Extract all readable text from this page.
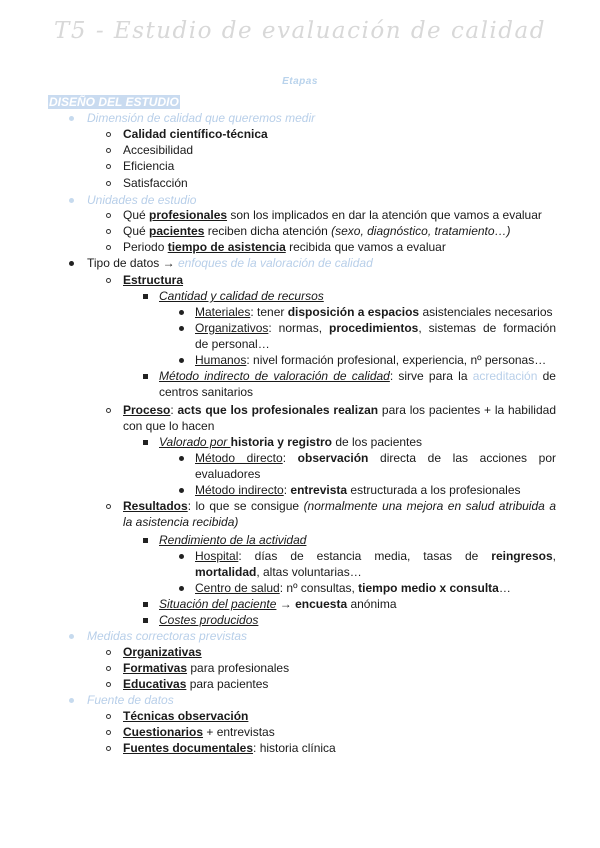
T5 - Estudio de evaluación de calidad
Etapas
DISEÑO DEL ESTUDIO
Dimensión de calidad que queremos medir
Calidad científico-técnica
Accesibilidad
Eficiencia
Satisfacción
Unidades de estudio
Qué profesionales son los implicados en dar la atención que vamos a evaluar
Qué pacientes reciben dicha atención (sexo, diagnóstico, tratamiento…)
Periodo tiempo de asistencia recibida que vamos a evaluar
Tipo de datos → enfoques de la valoración de calidad
Estructura
Cantidad y calidad de recursos
Materiales: tener disposición a espacios asistenciales necesarios
Organizativos: normas, procedimientos, sistemas de formación
de personal…
Humanos: nivel formación profesional, experiencia, nº personas…
Método indirecto de valoración de calidad: sirve para la acreditación de
centros sanitarios
Proceso: acts que los profesionales realizan para los pacientes + la habilidad
con que lo hacen
Valorado por historia y registro de los pacientes
Método directo: observación directa de las acciones por
evaluadores
Método indirecto: entrevista estructurada a los profesionales
Resultados: lo que se consigue (normalmente una mejora en salud atribuida a
la asistencia recibida)
Rendimiento de la actividad
Hospital: días de estancia media, tasas de reingresos,
mortalidad, altas voluntarias…
Centro de salud: nº consultas, tiempo medio x consulta…
Situación del paciente → encuesta anónima
Costes producidos
Medidas correctoras previstas
Organizativas
Formativas para profesionales
Educativas para pacientes
Fuente de datos
Técnicas observación
Cuestionarios + entrevistas
Fuentes documentales: historia clínica
